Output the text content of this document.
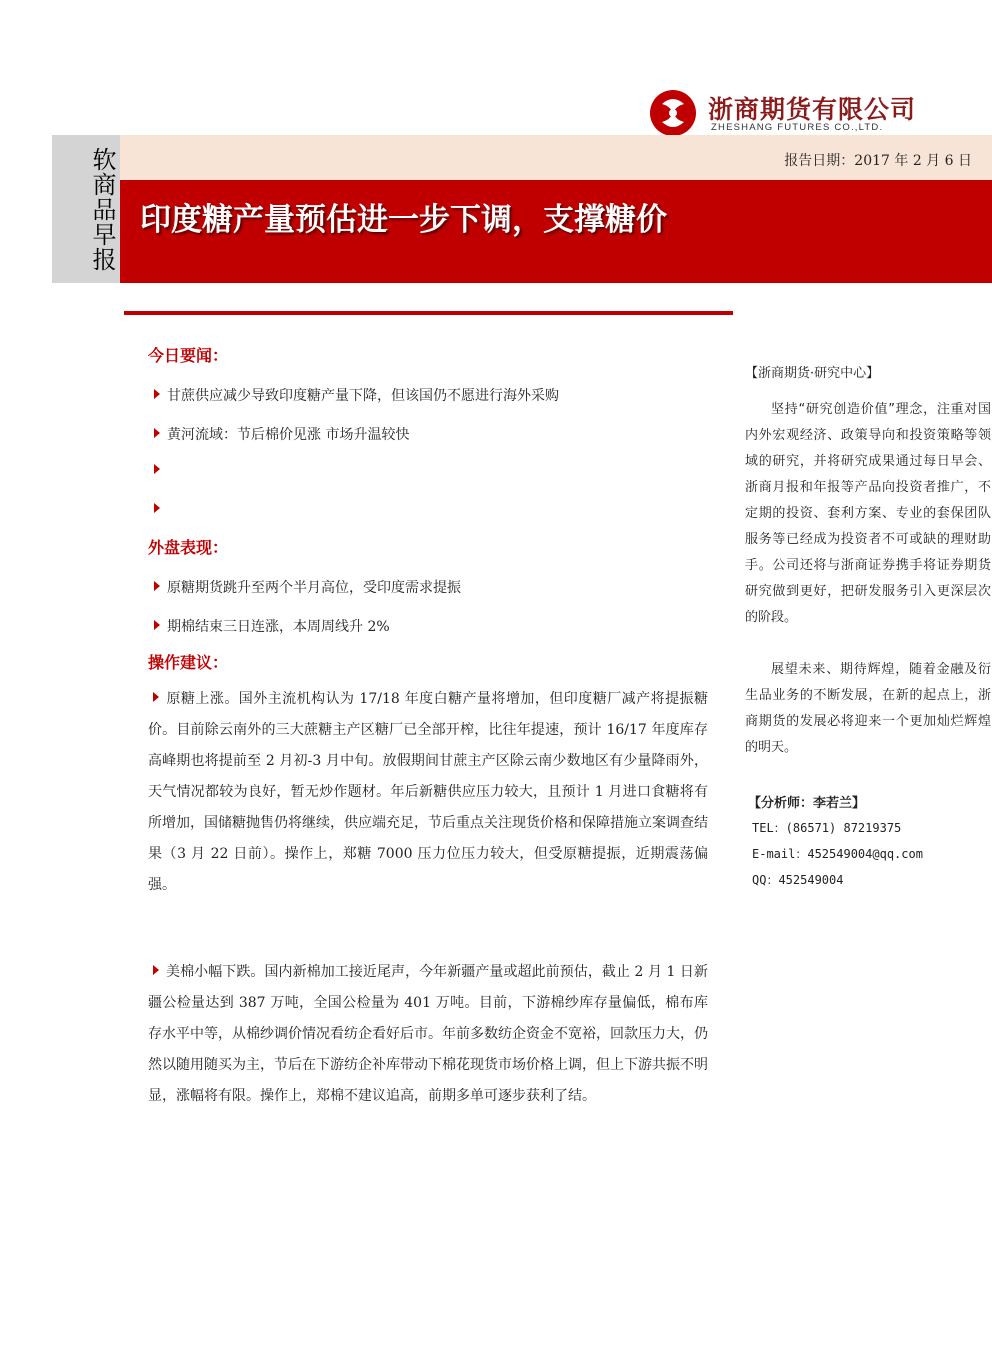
浙商期货有限公司
ZHESHANG FUTURES CO.,LTD.
软商品早报	报告日期：2017 年 2 月 6 日
印度糖产量预估进一步下调，支撑糖价
今日要闻：
甘蔗供应减少导致印度糖产量下降，但该国仍不愿进行海外采购
黄河流域：节后棉价见涨 市场升温较快
外盘表现：
原糖期货跳升至两个半月高位，受印度需求提振
期棉结束三日连涨，本周周线升 2%
操作建议：
原糖上涨。国外主流机构认为 17/18 年度白糖产量将增加，但印度糖厂减产将提振糖价。目前除云南外的三大蔗糖主产区糖厂已全部开榨，比往年提速，预计 16/17 年度库存高峰期也将提前至 2 月初-3 月中旬。放假期间甘蔗主产区除云南少数地区有少量降雨外，天气情况都较为良好，暂无炒作题材。年后新糖供应压力较大，且预计 1 月进口食糖将有所增加，国储糖抛售仍将继续，供应端充足，节后重点关注现货价格和保障措施立案调查结果（3 月 22 日前）。操作上，郑糖 7000 压力位压力较大，但受原糖提振，近期震荡偏强。
美棉小幅下跌。国内新棉加工接近尾声，今年新疆产量或超此前预估，截止 2 月 1 日新疆公检量达到 387 万吨，全国公检量为 401 万吨。目前，下游棉纱库存量偏低，棉布库存水平中等，从棉纱调价情况看纺企看好后市。年前多数纺企资金不宽裕，回款压力大，仍然以随用随买为主，节后在下游纺企补库带动下棉花现货市场价格上调，但上下游共振不明显，涨幅将有限。操作上，郑棉不建议追高，前期多单可逐步获利了结。
【浙商期货·研究中心】
坚持“研究创造价值”理念，注重对国内外宏观经济、政策导向和投资策略等领域的研究，并将研究成果通过每日早会、浙商月报和年报等产品向投资者推广，不定期的投资、套利方案、专业的套保团队服务等已经成为投资者不可或缺的理财助手。公司还将与浙商证券携手将证券期货研究做到更好，把研发服务引入更深层次的阶段。
展望未来、期待辉煌，随着金融及衍生品业务的不断发展，在新的起点上，浙商期货的发展必将迎来一个更加灿烂辉煌的明天。
【分析师：李若兰】
TEL：(86571) 87219375
E-mail：452549004@qq.com
QQ：452549004
